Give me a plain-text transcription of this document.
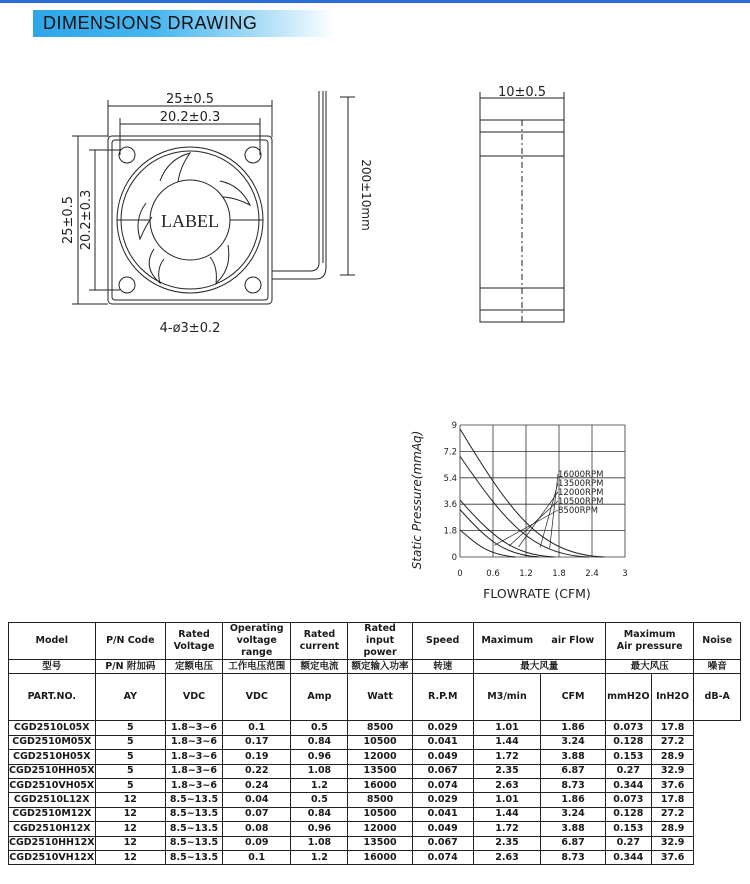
DIMENSIONS DRAWING
25±0.5
20.2±0.3
25±0.5 20.2±0.3	LABEL
4-ø3±0.2
200±10mm
10±0.5
0	0.6 1.2 1.8 2.4	3
0
1.8
3.6
5.4
7.2
9
16000RPM
13500RPM
12000RPM
10500RPM
8500RPM
Static Pressure(mmAq)
FLOWRATE (CFM)
Model	P/N Code	Rated Voltage	Operating voltage range	Rated current	Rated input power	Speed	Maximum	air Flow	Maximum Air pressure		Noise
型号	P/N 附加码	定额电压	工作电压范围	额定电流	额定输入功率	转速	最大风量		最大风压		噪音
PART.NO.	AY	VDC	VDC	Amp	Watt	R.P.M	M3/min	CFM	mmH2O	InH2O	dB-A
CGD2510L05X	5	1.8~3~6	0.1	0.5	8500	0.029	1.01	1.86	0.073	17.8	
CGD2510M05X	5	1.8~3~6	0.17	0.84	10500	0.041	1.44	3.24	0.128	27.2	
CGD2510H05X	5	1.8~3~6	0.19	0.96	12000	0.049	1.72	3.88	0.153	28.9	
CGD2510HH05X	5	1.8~3~6	0.22	1.08	13500	0.067	2.35	6.87	0.27	32.9	
CGD2510VH05X	5	1.8~3~6	0.24	1.2	16000	0.074	2.63	8.73	0.344	37.6	
CGD2510L12X	12	8.5~13.5	0.04	0.5	8500	0.029	1.01	1.86	0.073	17.8	
CGD2510M12X	12	8.5~13.5	0.07	0.84	10500	0.041	1.44	3.24	0.128	27.2	
CGD2510H12X	12	8.5~13.5	0.08	0.96	12000	0.049	1.72	3.88	0.153	28.9	
CGD2510HH12X	12	8.5~13.5	0.09	1.08	13500	0.067	2.35	6.87	0.27	32.9	
CGD2510VH12X	12	8.5~13.5	0.1	1.2	16000	0.074	2.63	8.73	0.344	37.6	
